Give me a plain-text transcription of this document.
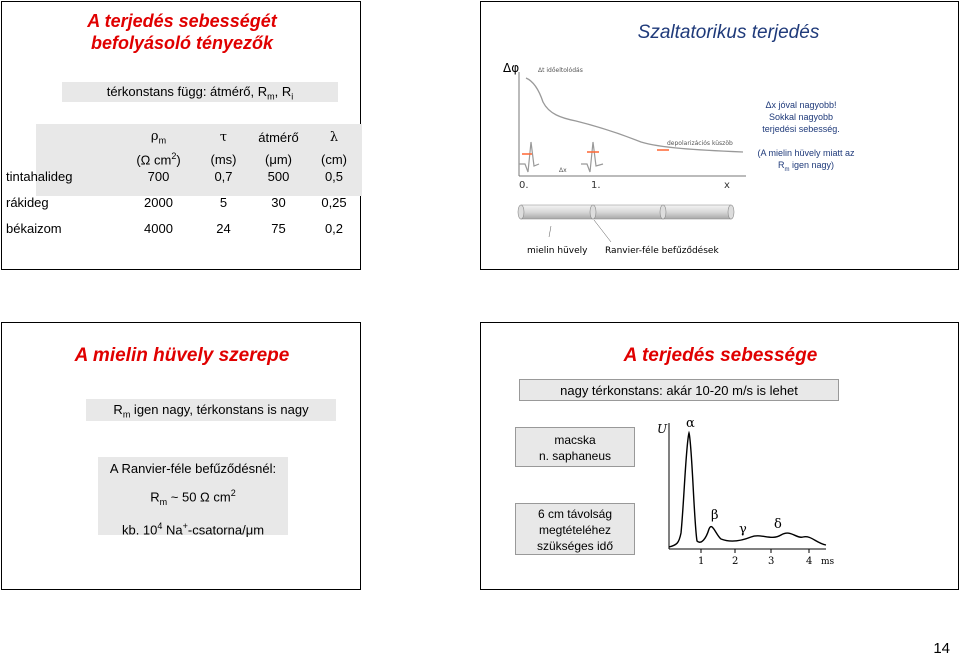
A terjedés sebességét befolyásoló tényezők
térkonstans függ: átmérő, $R_m$, $R_i$
	$\rho_m$	τ	átmérő	λ
	(Ω $cm^2$)	(ms)	(μm)	(cm)
tintahalideg	700	0,7	500	0,5
rákideg	2000	5	30	0,25
békaizom	4000	24	75	0,2
Szaltatorikus terjedés
Δφ	Δt időeltolódás
depolarizációs küszöb
Δx
0.	1.	x
mielin hüvely Ranvier-féle befűződések
Δx jóval nagyobb! Sokkal nagyobb terjedési sebesség.
(A mielin hüvely miatt az $R_m$ igen nagy)
A mielin hüvely szerepe
$R_m$ igen nagy, térkonstans is nagy
A Ranvier-féle befűződésnél:
$R_m$ ~ 50 Ω $cm^2$
kb. $10^4$ Na+-csatorna/μm
A terjedés sebessége
nagy térkonstans: akár 10-20 m/s is lehet
macska
n. saphaneus
6 cm távolság megtételéhez szükséges idő
U
1	2	3	4 ms
α
β
γ δ
14
